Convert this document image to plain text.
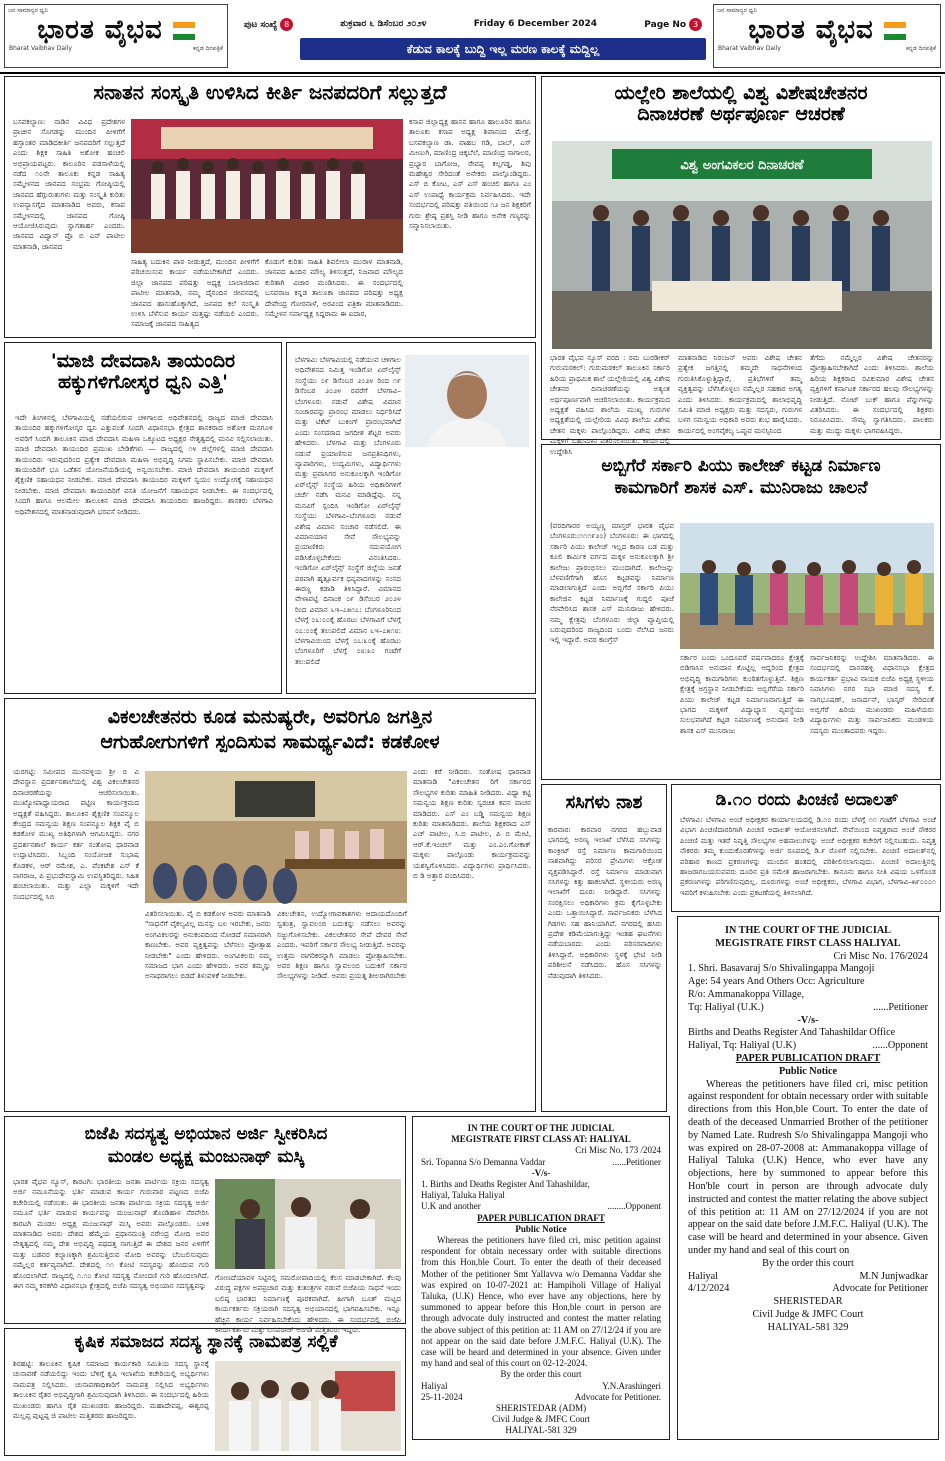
ಜನ ಸಾಮಾನ್ಯರ ಧ್ವನಿ
ಭಾರತ ವೈಭವ
Bharat Vaibhav Daily	ಕನ್ನಡ ದಿನಪತ್ರಿಕೆ
ಜನ ಸಾಮಾನ್ಯರ ಧ್ವನಿ
ಭಾರತ ವೈಭವ
Bharat Vaibhav Daily	ಕನ್ನಡ ದಿನಪತ್ರಿಕೆ
ಪುಟ ಸಂಖ್ಯೆ 8	ಶುಕ್ರವಾರ ೬ ಡಿಸೆಂಬರ ೨೦೨೪	Friday 6 December 2024	Page No 3
ಕೆಡುವ ಕಾಲಕ್ಕೆ ಬುದ್ದಿ ಇಲ್ಲ ಮರಣ ಕಾಲಕ್ಕೆ ಮದ್ದಿಲ್ಲ
ಸನಾತನ ಸಂಸ್ಕೃತಿ ಉಳಿಸಿದ ಕೀರ್ತಿ ಜನಪದರಿಗೆ ಸಲ್ಲುತ್ತದೆ
ಬಸವಕಲ್ಯಾಣ: ನಾಡಿನ ವಿವಿಧ ಪ್ರದೇಶಗಳ ಪ್ರಾಚೀನ ಸೊಗಡನ್ನು ಮುಂದಿನ ಪೀಳಿಗೆಗೆ ಹಸ್ತಾಂತರ ಮಾಡಿದಕೀರ್ತಿ ಜನಪದರಿಗೆ ಸಲ್ಲುತ್ತದೆ ಎಂದು ಶಿಕ್ಷಕ ಸಾಹಿತಿ ಅಶೋಕ ಹಂಚಲಿ ಅಭಿಪ್ರಾಯಪಟ್ಟರು. ಕಾಲೂರಿನ ಪಡಸಾಳೆಯಲ್ಲಿ ನಡೆದ ೧೦ನೇ ತಾಲೂಕು ಕನ್ನಡ ಸಾಹಿತ್ಯ ಸಮ್ಮೇಳನದ ಜಾನಪದ ಸಂಭ್ರಮ ಗೋಷ್ಠಿಯಲ್ಲಿ ಜಾನಪದ ಹೆಗ್ಗುರುತುಗಳು ಮತ್ತು ಸಂಸ್ಕೃತಿ ಕುರಿತು ಉಪನ್ಯಾಸಗೈದ ಮಾತನಾಡಿದ ಅವರು, ಕಸಾಪ ಸಮ್ಮೇಳನದಲ್ಲಿ ಜಾನಪದ ಗೋಷ್ಠಿ ಆಯೋಜಿಸಿರುವುದು ಸ್ವಾಗತಾರ್ಹ ಎಂದರು. ಜಾನಪದ ವಿದ್ವಾನ್ ಪ್ರೊ ಬಿ ಎನ್ ಪಾಟೀಲ ಮಾತನಾಡಿ, ಜಾನಪದ
ಸಾಹಿತ್ಯ ಬದುಕಿನ ಪಾಠ ನೀಡುತ್ತದೆ, ಮುಂದಿನ ಪೀಳಿಗೆಗೆ ಪರಿಚಯಿಸುವ ಕಾರ್ಯ ನಡೆಯಬೇಕಾಗಿದೆ ಎಂದರು. ಜಿಲ್ಲಾ ಜಾನಪದ ಪರಿಷತ್ತು ಅಧ್ಯಕ್ಷ ಬಾಲಾಜಿರಾವ ಪಾಟೀಲ ಮಾತನಾಡಿ, ನಮ್ಮ ದೈನಂದಿನ ಜೀವನದಲ್ಲಿ ಜಾನಪದ ಹಾಸುಹೊಕ್ಕಾಗಿದೆ, ಜನಪದ ಕಲೆ ಸಂಸ್ಕೃತಿ ಉಳಿಸಿ ಬೆಳೆಸುವ ಕಾರ್ಯ ಮತ್ತಷ್ಟು ನಡೆಯಲಿ ಎಂದರು. ಸಮಾಜಕ್ಕೆ ಜಾನಪದ ಸಾಹಿತ್ಯದ
ಕೊಡುಗೆ ಕುರಿತು ಸಾಹಿತಿ ಶಿವಲೀಲಾ ಮುರಾಳ ಮಾತನಾಡಿ, ಜಾನಪದ ಹಿಂದಿನ ಮೌಲ್ಯ ತಿಳಿಸುತ್ತದೆ, ನಿಜವಾದ ಮೌಲ್ಯದ ಕುರಿತಾಗಿ ವಿಚಾರ ಮಂಡಿಸಿದರು. ಈ ಸಂದರ್ಭದಲ್ಲಿ ಬಸವರಾಜ ಕನ್ನಡ ತಾಲೂಕಾ ಜಾನಪದ ಪರಿಷತ್ತು ಅಧ್ಯಕ್ಷ ದೇವೇಂದ್ರ ಗೋರನಾಳೆ, ಅರವಿಂದ ಪತ್ರಿಕಾ ಮಾತನಾಡಿದರು. ಸಮ್ಮೇಳನ ಸರ್ವಾಧ್ಯಕ್ಷ ಸಿದ್ದರಾಮ ಈ ಐದಾರ,
ಕಸಾಪ ಜಿಲ್ಲಾಧ್ಯಕ್ಷ ಹಾಸನ ಹಾಗೂ ಹಾಲೂರಿನ ಹಾಗೂ ತಾಲೂಕು ಕಸಾಪ ಅಧ್ಯಕ್ಷ ಶಿವಾನಂದ ಮೇತ್ರೆ, ಬಸವಕಲ್ಯಾಣ ಡಾ. ವಾಹಬ ಗಡಿ, ಬಾಬ್, ಎಸ್ ಮೀಣುಗಿ, ಮಾಣಿಂದ್ರ ಚಿಕ್ಕಬೆಲೆ, ಮಾಣಿಂದ್ರ ಸಾಗಾಲರ, ಪ್ರಭ್ಯಾರ ಬಾಗೋಜ, ರೇವಪ್ಪ ಕಲ್ಲಗಡ್ಡ, ಶಿವು ಮಹೇಶ್ವರ ಸೇರಿದಂತೆ ಅನೇಕರು ಪಾಲ್ಗೊಂಡಿದ್ದರು. ಎಸ್ ಬಿ ಕೋಟ, ಎಸ್ ಎಸ್ ಹಂಚಲಿ ಹಾಗೂ ಎಂ ಎಸ್ ಉಪಾಧ್ಯೆ ಕಾರ್ಯಕ್ರಮ ನಿರ್ವಹಿಸಿದರು. ಇದೇ ಸಂದರ್ಭದಲ್ಲಿ ಪರಿಷತ್ತು ವತಿಯಿಂದ ೧೨ ಜನ ಶಿಕ್ಷಕರಿಗೆ ಗುರು ಶ್ರೇಷ್ಠ ಪ್ರಶಸ್ತಿ ನೀಡಿ ಹಾಗೂ ಅನೇಕ ಗಣ್ಯರನ್ನು ಸನ್ಮಾನಿಸಲಾಯಿತು.
ಯಲ್ಲೇರಿ ಶಾಲೆಯಲ್ಲಿ ವಿಶ್ವ ವಿಶೇಷಚೇತನರ
ದಿನಾಚರಣೆ ಅರ್ಥಪೂರ್ಣ ಆಚರಣೆ
ವಿಶ್ವ ಅಂಗವಿಕಲರ ದಿನಾಚರಣೆ
ಭಾರತ ವೈಭವ ನ್ಯೂಸ್ ವರದಿ : ರಮ ಬುರಡೀಕರ್ ಗುರುಮಠಕಲ್: ಗುರುಮಠಕಲ್ ತಾಲೂಕಿನ ಸರ್ಕಾರಿ ಹಿರಿಯ ಪ್ರಾಥಮಿಕ ಶಾಲೆ ಯಲ್ಲೇರಿಯಲ್ಲಿ ವಿಶ್ವ ವಿಶೇಷ ಚೇತನರ ದಿನಾಚರಣೆಯನ್ನು ಅತ್ಯಂತ ಅರ್ಥಪೂರ್ಣವಾಗಿ ಆಚರಿಸಲಾಯಿತು. ಕಾರ್ಯಕ್ರಮದ ಅಧ್ಯಕ್ಷತೆ ವಹಿಸಿದ ಶಾಲೆಯ ಮುಖ್ಯ ಗುರುಗಳ ಅಧ್ಯಕ್ಷತೆಯಲ್ಲಿ ಯಲ್ಲೇರಿಯ ವಿವಿಧ ಶಾಲೆಯ ವಿಶೇಷ ಚೇತನ ಮಕ್ಕಳು ಪಾಲ್ಗೊಂಡಿದ್ದರು. ವಿಶೇಷ ಚೇತನ ಮಕ್ಕಳಿಗೆ ಬಹುಮಾನ ವಿತರಿಸಲಾಯಿತು. ಕಾರ್ಯದಲ್ಲಿ ಉದ್ದೇಶಿಸಿ
ಮಾತನಾಡಿದ ನಿರಂಜನ್ ಅವರು ವಿಶೇಷ ಚೇತನ ಪ್ರತ್ಯೇಕ ಜಗತ್ತಿನಲ್ಲಿ ತಮ್ಮದೇ ಸಾಧನೆಗಳಿಂದ ಗುರುತಿಸಿಕೊಳ್ಳುತ್ತಿದ್ದಾರೆ, ಪ್ರತಿಭೆಗಳಿಗೆ ತಮ್ಮ ವ್ಯಕ್ತಿತ್ವವನ್ನು ಬೆಳೆಸಿಕೊಳ್ಳಲು ನಮ್ಮೆಲ್ಲರ ಸಹಕಾರ ಅಗತ್ಯ ಎಂದು ತಿಳಿಸಿದರು. ಕಾರ್ಯಕ್ರಮದಲ್ಲಿ ಶಾಲಾಭಿವೃದ್ಧಿ ಸಮಿತಿ ಮಾಜಿ ಅಧ್ಯಕ್ಷರು ಮತ್ತು ಸದಸ್ಯರು, ಗುರುಗಳ ಬಳಗ ಸಮನ್ವಯ ಅಧಿಕಾರಿ ಅವರು ಶುಭ ಹಾರೈಸಿದರು. ಕಾರ್ಯದಲ್ಲಿ ಅಂಗವೈಕಲ್ಯ ಒಪ್ಪುವ ಮನಸ್ಸಿನಿಂದ
ತೆಗೆದು ನಮ್ಮೆಲ್ಲರ ವಿಶೇಷ ಚೇತನರನ್ನು ಪ್ರೋತ್ಸಾಹಿಸಬೇಕಾಗಿದೆ ಎಂದು ತಿಳಿಸಿದರು. ಶಾಲೆಯ ಹಿರಿಯ ಶಿಕ್ಷಕರಾದ ರವಿಕುಮಾರ ವಿಶೇಷ ಚೇತನ ವ್ಯಕ್ತಿಗಳಿಗೆ ಕರ್ನಾಟಕ ಸರ್ಕಾರದ ಹಲವು ಸೌಲಭ್ಯಗಳನ್ನು ನೀಡುತ್ತಿದೆ. ನೋಟ್ ಬುಕ್ ಹಾಗೂ ಪೆನ್ನುಗಳನ್ನು ವಿತರಿಸಿದರು. ಈ ಸಂದರ್ಭದಲ್ಲಿ ಶಿಕ್ಷಕರು ನಿರೂಪಿಸಿದರು. ಸೌಮ್ಯ ಸ್ವಾಗತಿಸಿದರು. ಪಾಲಕರು ಮತ್ತು ಮುದ್ದು ಮಕ್ಕಳು ಭಾಗವಹಿಸಿದ್ದರು.
'ಮಾಜಿ ದೇವದಾಸಿ ತಾಯಂದಿರ
ಹಕ್ಕುಗಳಿಗೋಸ್ಕರ ಧ್ವನಿ ಎತ್ತಿ'
ಇದೇ ತಿಂಗಳಿನಲ್ಲಿ ಬೆಳಗಾವಿಯಲ್ಲಿ ನಡೆಯಲಿರುವ ಚಳಿಗಾಲದ ಅಧಿವೇಶನದಲ್ಲಿ ರಾಜ್ಯದ ಮಾಜಿ ದೇವದಾಸಿ ತಾಯಂದಿರ ಹಕ್ಕುಗಳಿಗೋಸ್ಕರ ಧ್ವನಿ ಎತ್ತುವಂತೆ ಸಿಂದಗಿ ವಿಧಾನಸಭಾ ಕ್ಷೇತ್ರದ ಶಾಸಕರಾದ ಅಶೋಕ ಮನಗೂಳಿ ಅವರಿಗೆ ಸಿಂದಗಿ ತಾಲೂಕಿನ ಮಾಜಿ ದೇವದಾಸಿ ಮಹಿಳಾ ಒಕ್ಕೂಟದ ಅಧ್ಯಕ್ಷರ ನೇತೃತ್ವದಲ್ಲಿ ಮನವಿ ಸಲ್ಲಿಸಲಾಯಿತು. ಮಾಜಿ ದೇವದಾಸಿ ತಾಯಂದಿರ ಪ್ರಮುಖ ಬೇಡಿಕೆಗಳು — ರಾಜ್ಯದಲ್ಲಿ ೧೪ ಜಿಲ್ಲೆಗಳಲ್ಲಿ ಮಾಜಿ ದೇವದಾಸಿ ತಾಯಂದಿರು ಇರುವುದರಿಂದ ಪ್ರತ್ಯೇಕ ದೇವದಾಸಿ ಮಹಿಳಾ ಅಭಿವೃದ್ಧಿ ನಿಗಮ ಸ್ಥಾಪಿಸಬೇಕು. ಮಾಜಿ ದೇವದಾಸಿ ತಾಯಂದಿರಿಗೆ ಭೂ ಒಡೆತನ ಯೋಜನೆಯಡಿಯಲ್ಲಿ ಅನ್ವಯಿಸಬೇಕು. ಮಾಜಿ ದೇವದಾಸಿ ತಾಯಂದಿರ ಮಕ್ಕಳಿಗೆ ಶೈಕ್ಷಣಿಕ ಸಹಾಯಧನ ನೀಡಬೇಕು. ಮಾಜಿ ದೇವದಾಸಿ ತಾಯಂದಿರ ಮಕ್ಕಳಿಗೆ ಸ್ವಯಂ ಉದ್ಯೋಗಕ್ಕೆ ಸಹಾಯಧನ ನೀಡಬೇಕು. ಮಾಜಿ ದೇವದಾಸಿ ತಾಯಂದಿರಿಗೆ ವಸತಿ ಯೋಜನೆಗೆ ಸಹಾಯಧನ ನೀಡಬೇಕು. ಈ ಸಂದರ್ಭದಲ್ಲಿ ಸಿಂದಗಿ ಹಾಗೂ ಆಲಮೇಲ ತಾಲೂಕಿನ ಮಾಜಿ ದೇವದಾಸಿ ತಾಯಂದಿರು ಹಾಜರಿದ್ದರು. ಶಾಸಕರು ಬೆಳಗಾವಿ ಅಧಿವೇಶನದಲ್ಲಿ ಮಾತನಾಡುವುದಾಗಿ ಭರವಸೆ ನೀಡಿದರು.
ಬೆಳಗಾವಿ: ಬೆಳಗಾವಿಯಲ್ಲಿ ನಡೆಯುವ ಚಳಿಗಾಲ ಅಧಿವೇಶನದ ನಿಮಿತ್ತ ಇಂಡಿಗೋ ಏರ್‌ಲೈನ್ಸ್ ಸಂಸ್ಥೆಯು ೦೯ ಡಿಸೆಂಬರ ೨೦೨೪ ರಿಂದ ೧೯ ಡಿಸೆಂಬರ ೨೦೨೪ ರವರೆಗೆ ಬೆಳಗಾವಿ–ಬೆಂಗಳೂರು ನಡುವೆ ವಿಶೇಷ ವಿಮಾನ ಸಂಚಾರವನ್ನು ಪ್ರಾರಂಭ ಮಾಡಲು ನಿರ್ಧರಿಸಿದೆ ಮತ್ತು ಟಿಕೆಟ್ ಬುಕಿಂಗ್ ಪ್ರಾರಂಭವಾಗಿದೆ ಎಂದು ಸಂಸದರಾದ ಜಗದೀಶ ಶೆಟ್ಟರ ಅವರು ಹೇಳಿದರು. ಬೆಳಗಾವಿ ಮತ್ತು ಬೆಂಗಳೂರು ನಡುವೆ ಪ್ರಯಾಣಿಸುವ ಜನಪ್ರತಿನಿಧಿಗಳು, ವ್ಯಾಪಾರಿಗಳು, ಉದ್ಯಮಿಗಳು, ವಿದ್ಯಾರ್ಥಿಗಳು ಮತ್ತು ಪ್ರವಾಸಿಗರ ಅನುಕೂಲಕ್ಕಾಗಿ ಇಂಡಿಗೋ ಏರ್‌ಲೈನ್ಸ್ ಸಂಸ್ಥೆಯ ಹಿರಿಯ ಅಧಿಕಾರಿಗಳಿಗೆ ಚರ್ಚೆ ನಡೆಸಿ ಮನವಿ ಮಾಡಿದ್ದೆವು. ನನ್ನ ಮನವಿಗೆ ಸ್ಪಂದಿಸಿ ಇಂಡಿಗೋ ಏರ್‌ಲೈನ್ಸ್ ಸಂಸ್ಥೆಯು ಬೆಳಗಾವಿ–ಬೆಂಗಳೂರು ನಡುವೆ ವಿಶೇಷ ವಿಮಾನ ಸಂಚಾರ ನಡೆಸಲಿದೆ. ಈ ವಿಮಾನಯಾನ ಸೇವೆ ಸೌಲಭ್ಯವನ್ನು ಪ್ರಯಾಣಿಕರು ಸದುಪಯೋಗ ಪಡಿಸಿಕೊಳ್ಳಬೇಕೆಂದು ವಿನಂತಿಸಿದರು. ಇಂಡಿಗೋ ಏರ್‌ಲೈನ್ಸ್ ಸಂಸ್ಥೆಗೆ ಜಿಲ್ಲೆಯ ಜನತೆ ಪರವಾಗಿ ಹೃತ್ಪೂರ್ವಕ ಧನ್ಯವಾದಗಳನ್ನು ಸಂಸದ ಈರಣ್ಣ ಕಡಾಡಿ ತಿಳಿಸಿದ್ದಾರೆ. ವಿಮಾನದ ವೇಳಾಪಟ್ಟಿ ದಿನಾಂಕ ೦೯ ಡಿಸೆಂಬರ ೨೦೨೪ ರಿಂದ ವಿಮಾನ ೬ಇ–೭೫೧೭: ಬೆಂಗಳೂರಿನಿಂದ ಬೆಳಗ್ಗೆ ೦೬:೦೦ಕ್ಕೆ ಹೊರಟು ಬೆಳಗಾವಿಗೆ ಬೆಳಗ್ಗೆ ೦೭:೦೦ಕ್ಕೆ ತಲುಪಲಿದೆ ವಿಮಾನ ೬ಇ–೭೫೧೮: ಬೆಳಗಾವಿಯಿಂದ ಬೆಳಗ್ಗೆ ೦೭:೩೦ಕ್ಕೆ ಹೊರಟು ಬೆಂಗಳೂರಿಗೆ ಬೆಳಗ್ಗೆ ೦೮:೩೦ ಗಂಟೆಗೆ ತಲುಪಲಿದೆ
ಅಬ್ಬಿಗೆರೆ ಸರ್ಕಾರಿ ಪಿಯು ಕಾಲೇಜ್ ಕಟ್ಟಡ ನಿರ್ಮಾಣ
ಕಾಮಗಾರಿಗೆ ಶಾಸಕ ಎಸ್. ಮುನಿರಾಜು ಚಾಲನೆ
(ವರದಿಗಾರರ ಅಯ್ಯಣ್ಣ ಮಾಸ್ತರ್ ಭಾರತ ವೈಭವ ಬೆಂಗಳೂರು:೧೧೧೯೨೦) ಬೆಂಗಳೂರು: ಈ ಭಾಗದಲ್ಲಿ ಸರ್ಕಾರಿ ಪಿಯು ಕಾಲೇಜ್ ಇಲ್ಲದ ಕಾರಣ ಬಡ ಮತ್ತು ಕೂಲಿ ಕಾರ್ಮಿಕ ವರ್ಗದ ಮಕ್ಕಳ ಅನುಕೂಲಕ್ಕಾಗಿ ಶ್ರೀ ಕಾಲೇಜು ಪ್ರಾರಂಭಿಸಲು ಮುಂದಾಗಿದೆ. ಕಾಲೇಜನ್ನು ಬೆಳವಣಿಗೆಗಾಗಿ ಹೊಸ ಕಟ್ಟಡವನ್ನು ನಿರ್ಮಾಣ ಮಾಡಲಾಗುತ್ತಿದೆ ಎಂದು ಅಬ್ಬಿಗೆರೆ ಸರ್ಕಾರಿ ಪಿಯು ಕಾಲೇಜಿನ ಕಟ್ಟಡ ನಿರ್ಮಾಣಕ್ಕೆ ಗುದ್ದಲಿ ಪೂಜೆ ನೆರವೇರಿಸಿದ ಶಾಸಕ ಎಸ್ ಮುನಿರಾಜು ಹೇಳಿದರು. ನಮ್ಮ ಕ್ಷೇತ್ರವು ಬೆಂಗಳೂರು ಜಿಲ್ಲಾ ವ್ಯಾಪ್ತಿಯಲ್ಲಿ ಬರುವುದರಿಂದ ರಾಜ್ಯದಿಂದ ಬಂದು ನೆಲೆಸಿದ ಜನರು ಇಲ್ಲಿ ಇದ್ದಾರೆ. ಅವರ ಕಾಂಗ್ರೆಸ್
ಸರ್ಕಾರ ಬಂದು ಒಂದೂವರೆ ವರ್ಷವಾದರೂ ಕ್ಷೇತ್ರಕ್ಕೆ ಬಿಡಿಗಾಸಿನ ಅನುದಾನ ಕೊಟ್ಟಿಲ್ಲ ಆದ್ದರಿಂದ ಕ್ಷೇತ್ರದ ಅಭಿವೃದ್ಧಿ ಕಾಮಗಾರಿಗಳು ಕುಂಠಿತಗೊಳ್ಳುತ್ತಿವೆ. ಶಿಕ್ಷಣ ಕ್ಷೇತ್ರಕ್ಕೆ ಅಗ್ರಸ್ಥಾನ ನೀಡಬೇಕೆಂದು ಅಬ್ಬಿಗೆರೆಯ ಸರ್ಕಾರಿ ಪಿಯು ಕಾಲೇಜ್ ಕಟ್ಟಡ ನಿರ್ಮಾಣವಾಗುತ್ತಿದೆ ಈ ಭಾಗದ ಮಕ್ಕಳಿಗೆ ವಿದ್ಯಾಭ್ಯಾಸ ವ್ಯವಸ್ಥೆಯು ಸುಲಭವಾಗಿದೆ ಕಟ್ಟಡ ನಿರ್ಮಾಣಕ್ಕೆ ಅನುದಾನ ನೀಡಿ ಶಾಸಕ ಎಸ್ ಮುನಿರಾಜು
ಸಾರ್ವಜನಿಕರನ್ನು ಉದ್ದೇಶಿಸಿ ಮಾತನಾಡಿದರು. ಈ ಸಂದರ್ಭದಲ್ಲಿ ದಾಸರಹಳ್ಳಿ ವಿಧಾನಸಭಾ ಕ್ಷೇತ್ರದ ಕಾರ್ಯಕರ್ತ ಪ್ರಭಾವಿ ನಾಯಕ ಬಿಜೆಪಿ ಅಧ್ಯಕ್ಷ ಸ್ಥಳೀಯ ನಿವಾಸಿಗಳು ನಗರ ಸಭಾ ಮಾಜಿ ಸದಸ್ಯ ಕೆ. ನಾಗಭೂಷಣ್, ಜನಾರ್ದನ್, ಭಾಸ್ಕರ್ ಸೇರಿದಂತೆ ಅಬ್ಬಿಗೆರೆ ಹಿರಿಯ ಮುಖಂಡರು ಮಹಿಳೆಯರು ವಿದ್ಯಾರ್ಥಿಗಳು ಮತ್ತು ಸಾರ್ವಜನಿಕರು ಮಂಡಳಿಯ ಸದಸ್ಯರು ಮುಂತಾದವರು ಇದ್ದರು.
ವಿಕಲಚೇತನರು ಕೂಡ ಮನುಷ್ಯರೇ, ಅವರಿಗೂ ಜಗತ್ತಿನ
ಆಗುಹೋಗುಗಳಿಗೆ ಸ್ಪಂದಿಸುವ ಸಾಮರ್ಥ್ಯವಿದೆ: ಕಡಕೋಳ
ಯರಗಟ್ಟಿ: ಸಮೀಪದ ಮುನವಳ್ಳಿಯ ಶ್ರೀ ಬಿ ವಿ ದೇವಸ್ಥಾನ ಪ್ರದರ್ಶನಶಾಲೆಯಲ್ಲಿ ವಿಶ್ವ ವಿಕಲಚೇತನರ ದಿನಾಚರಣೆಯನ್ನು ಆಚರಿಸಲಾಯಿತು. ಮುಖ್ಯೋಪಾಧ್ಯಾಯರಾದ ಪಟ್ಟಿಣ ಕಾರ್ಯಕ್ರಮದ ಅಧ್ಯಕ್ಷತೆ ವಹಿಸಿದ್ದರು. ತಾಲೂಕಿನ ಶೈಕ್ಷಣಿಕ ಸಂಪನ್ಮೂಲ ಕೇಂದ್ರದ ಸಮನ್ವಯ ಶಿಕ್ಷಣ ಸಂಪನ್ಮೂಲ ಶಿಕ್ಷಕ ವೈ ಬಿ ಕಡಕೋಳ ಮುಖ್ಯ ಅತಿಥಿಗಳಾಗಿ ಆಗಮಿಸಿದ್ದರು. ನಗರ ಪ್ರದರ್ಶನಶಾಲೆ ಕಾರ್ಯ ಕರ್ತ ಸಂತೋಷ ಧಾರವಾಡ ಉದ್ಘಾಟಿಸಿದರು. ಸಿಬ್ಬಂದಿ ಸಂಯೋಜಕ ಸುಭಾಷ ಕೊಡಕಳ, ಆರ್ ರಮೇಶ, ಎ. ವೆಂಕಟೇಶ ಎಸ್ ಕೆ ನಾಗರಾಜ, ಪಿ ಪ್ರಭುದೇವಸ್ವಾಮಿ ಉಪಸ್ಥಿತರಿದ್ದರು. ಸಿಹಿತ ಹಂಚಲಾಯಿತು. ಮತ್ತು ಎಲ್ಲಾ ಮಕ್ಕಳಿಗೆ ಇದೇ ಸಂದರ್ಭದಲ್ಲಿ ಸಿಬಿ
ವಿತರಿಸಲಾಯಿತು. ವೈ ಬಿ ಕಡಕೋಳ ಅವರು ಮಾತನಾಡಿ "ಸಾಧನೆಗೆ ವೈಕಲ್ಯವಿಲ್ಲ ಮನಸ್ಸು ಬಲ ಇರಬೇಕು, ಜನರು ಅಂಗವಿಕಲರನ್ನು ಅನುಕಂಪದಿಂದ ನೋಡದೆ ಸಮಾನರಾಗಿ ಕಾಣಬೇಕು. ಅವರ ವ್ಯಕ್ತಿತ್ವವನ್ನು ಬೆಳೆಸಲು ಪ್ರೋತ್ಸಾಹ ನೀಡಬೇಕು" ಎಂದು ಹೇಳಿದರು. ಅಂಗವಿಕಲರು ನಮ್ಮ ಸಮಾಜದ ಭಾಗ ಎಂದು ಹೇಳಿದರು. ಅವರ ತಮ್ಮನ್ನು ಅನಾಥರಾಗಲು ಬಿಡದೆ ತಿಳುವಳಿಕೆ ನೀಡಬೇಕು.
ವಿಕಲಚೇತನ, ಉದ್ಯೋಗಾವಕಾಶಗಳು ಆದಾಯದೊಂದಿಗೆ ಸ್ವತಂತ್ರ, ಸ್ವಾವಲಂಬಿ ಬದುಕನ್ನು ನಡೆಸಲು ಅವರನ್ನು ಸಜ್ಜುಗೊಳಿಸಬೇಕು. ವಿಕಲಚೇತನರ ಸೇವೆ ದೇವರ ಸೇವೆ ಎಂದರು. ಇವರಿಗೆ ಸರ್ಕಾರ ಸೌಲಭ್ಯ ನೀಡುತ್ತಿದೆ. ಅವರನ್ನು ಉತ್ತಮ ನಾಗರಿಕರನ್ನಾಗಿ ಮಾಡಲು ಪ್ರೋತ್ಸಾಹಿಸಬೇಕು. ಅವರ ಶಿಕ್ಷಣ ಹಾಗೂ ಸ್ವಾವಲಂಬಿ ಬದುಕಿಗೆ ಸರ್ಕಾರ ಸೌಲಭ್ಯಗಳನ್ನು ನೀಡಿದೆ. ಅವರು ಪ್ರಯತ್ನ ಶೀಲರಾಗಿರಬೇಕು
ಎಂದು ಕರೆ ನೀಡಿದರು. ಸಂತೋಷ ಧಾರವಾಡ ಮಾತನಾಡಿ "ವಿಕಲಚೇತನ ರಿಗೆ ಸರ್ಕಾರದ ಸೌಲಭ್ಯಗಳ ಕುರಿತು ಮಾಹಿತಿ ನೀಡಿದರು. ವಿಧ್ಯಾ ಕಟ್ಟಿ ಸಮನ್ವಯ ಶಿಕ್ಷಣ ಕುರಿತು ಸ್ವರಚಿತ ಕವನ ವಾಚನ ಮಾಡಿದರು. ಎಸ್ ಎಂ ಬಡ್ಡಿ ಸಮನ್ವಯ ಶಿಕ್ಷಣ ಕುರಿತು ಮಾತನಾಡಿದರು. ಶಾಲೆಯ ಶಿಕ್ಷಕರಾದ ಎಸ್ ಎಚ್ ಪಾಟೀಲ, ಸಿ.ಬಿ ಪಾಟೀಲ, ಪಿ ಬಿ ಮೇಟಿ, ಆರ್.ಕೆ.ಇಂಚಲ್ ಮತ್ತು ಎಂ.ಎಂ.ಗೋಕಾಕ್ ಮಕ್ಕಳು ಪಾಲ್ಗೊಂಡು ಕಾರ್ಯಕ್ರಮವನ್ನು ಯಶಸ್ವಿಗೊಳಿಸಿದರು. ವಿದ್ಯಾರ್ಥಿಗಳು ಪ್ರಾರ್ಥಿಸಿದರು. ಬಿ ಡಿ ಅತ್ತಾರ ವಂದಿಸಿದರು.
ಸಸಿಗಳು ನಾಶ
ಕಾರವಾರ: ಕಾರವಾರ ನಗರದ ಹಬ್ಬುವಾಡ ಭಾಗದಲ್ಲಿ ಅರಣ್ಯ ಇಲಾಖೆ ಬೆಳೆಸಿದ ಸಸಿಗಳನ್ನು ಕಾಂಕ್ರೀಟ್ ರಸ್ತೆ ನಿರ್ಮಾಣ ಕಾಮಗಾರಿಯಿಂದ ನಾಶವಾಗಿದ್ದು ಪರಿಸರ ಪ್ರೇಮಿಗಳು ಆಕ್ರೋಶ ವ್ಯಕ್ತಪಡಿಸಿದ್ದಾರೆ. ರಸ್ತೆ ನಿರ್ಮಾಣ ಮಾಡುವಾಗ ಸಸಿಗಳನ್ನು ಕಿತ್ತು ಹಾಕಲಾಗಿದೆ. ಸ್ಥಳೀಯರು ಅರಣ್ಯ ಇಲಾಖೆಗೆ ದೂರು ನೀಡಿದ್ದಾರೆ. ಸಸಿಗಳನ್ನು ಸಂರಕ್ಷಿಸಲು ಅಧಿಕಾರಿಗಳು ಕ್ರಮ ಕೈಗೊಳ್ಳಬೇಕು ಎಂದು ಒತ್ತಾಯಿಸಿದ್ದಾರೆ. ಸಾರ್ವಜನಿಕರು ಬೆಳೆಸಿದ ಗಿಡಗಳು ಸಹ ಹಾನಿಯಾಗಿವೆ. ನಗರದಲ್ಲಿ ಹಸಿರು ಪ್ರದೇಶ ಕಡಿಮೆಯಾಗುತ್ತಿದ್ದು ಇಂತಹ ಘಟನೆಗಳು ನಡೆಯಬಾರದು ಎಂದು ಪರಿಸರವಾದಿಗಳು ತಿಳಿಸಿದ್ದಾರೆ. ಅಧಿಕಾರಿಗಳು ಸ್ಥಳಕ್ಕೆ ಭೇಟಿ ನೀಡಿ ಪರಿಶೀಲನೆ ನಡೆಸಿದರು. ಹೊಸ ಸಸಿಗಳನ್ನು ನೆಡುವುದಾಗಿ ತಿಳಿಸಿದರು.
ಡಿ.೧೦ ರಂದು ಪಿಂಚಣಿ ಅದಾಲತ್
ಬೆಳಗಾವಿ: ಬೆಳಗಾವಿ ಅಂಚೆ ಅಧೀಕ್ಷಕರ ಕಾರ್ಯಾಲಯದಲ್ಲಿ ಡಿ.೧೦ ರಂದು ಬೆಳಗ್ಗೆ ೧೧ ಗಂಟೆಗೆ ಬೆಳಗಾವಿ ಅಂಚೆ ವಿಭಾಗ ಪಿಂಚಣಿದಾರರಿಗಾಗಿ ಪಿಂಚಣಿ ಅದಾಲತ್ ಆಯೋಜಿಸಲಾಗಿದೆ. ಸೇವೆಯಿಂದ ನಿವೃತ್ತರಾದ ಅಂಚೆ ನೌಕರರ ಪಿಂಚಣಿ ಮತ್ತು ಇತರೆ ನಿವೃತ್ತಿ ಸೌಲಭ್ಯಗಳ ಅಹವಾಲುಗಳನ್ನು ಅಂಚೆ ಅಧೀಕ್ಷಕರ ಕಚೇರಿಗೆ ಸಲ್ಲಿಸಬಹುದು. ನಿವೃತ್ತ ನೌಕರರು ತಮ್ಮ ಕುಂದುಕೊರತೆಗಳನ್ನು ಅರ್ಜಿ ರೂಪದಲ್ಲಿ ಡಿ.೯ ರೊಳಗೆ ಸಲ್ಲಿಸಬೇಕು. ಪಿಂಚಣಿ ಅದಾಲತ್‌ನಲ್ಲಿ ಪರಿಹಾರ ಕಾಣದ ಪ್ರಕರಣಗಳನ್ನು ಮುಂದಿನ ಹಂತದಲ್ಲಿ ಪರಿಶೀಲಿಸಲಾಗುವುದು. ಪಿಂಚಣಿ ಅದಾಲತ್ತಿನಲ್ಲಿ ಹಾಜರಾಗಬಯಸುವವರು ದೂರಿನ ಪ್ರತಿ ಸಮೇತ ಹಾಜರಾಗಬೇಕು. ಕಾನೂನು ಹಾಗೂ ನೀತಿ ವಿಷಯ ಒಳಗೊಂಡ ಪ್ರಕರಣಗಳನ್ನು ಪರಿಗಣಿಸುವುದಿಲ್ಲ. ದೂರುಗಳನ್ನು ಅಂಚೆ ಅಧೀಕ್ಷಕರು, ಬೆಳಗಾವಿ ವಿಭಾಗ, ಬೆಳಗಾವಿ–೫೯೦೦೦೧ ಇವರಿಗೆ ಕಳುಹಿಸಬೇಕು ಎಂದು ಪ್ರಕಟಣೆಯಲ್ಲಿ ತಿಳಿಸಲಾಗಿದೆ.
IN THE COURT OF THE JUDICIAL
MEGISTRATE FIRST CLASS HALIYAL
Cri Misc No. 176/2024
1. Shri. Basavaraj S/o Shivalingappa Mangoji
Age: 54 years And Others Occ: Agriculture
R/o: Ammanakoppa Village,
Tq: Haliyal (U.K.)	......Petitioner
-V/s-
Births and Deaths Register And Tahashildar Office
Haliyal, Tq: Haliyal (U.K)	......Opponent
PAPER PUBLICATION DRAFT
Public Notice
Whereas the petitioners have filed cri, misc petition against respondent for obtain necessary order with suitable directions from this Hon,ble Court. To enter the date of death of the deceased Unmarried Brother of the petitioner by Named Late. Rudresh S/o Shivalingappa Mangoji who was expired on 28-07-2008 at: Ammanakoppa village of Haliyal Taluka (U.K) Hence, who ever have any objections, here by summoned to appear before this Hon'ble court in person are through advocate duly instructed and contest the matter relating the above subject of this petition at: 11 AM on 27/12/2024 if you are not appear on the said date before J.M.F.C. Haliyal (U.K). The case will be heard and determined in your absence. Given under my hand and seal of this court on
By the order this court
Haliyal	M.N Junjwadkar
4/12/2024	Advocate for Petitioner
SHERISTEDAR
Civil Judge & JMFC Court
HALIYAL-581 329
ಬಿಜೆಪಿ ಸದಸ್ಯತ್ವ ಅಭಿಯಾನ ಅರ್ಜಿ ಸ್ವೀಕರಿಸಿದ
ಮಂಡಲ ಅಧ್ಯಕ್ಷ ಮಂಜುನಾಥ್ ಮಸ್ಕಿ
ಭಾರತ ವೈಭವ ನ್ಯೂಸ್, ಕಾರಟಗಿ: ಭಾರತೀಯ ಜನತಾ ಪಾರ್ಟಿಯ ಸಕ್ರಿಯ ಸದಸ್ಯತ್ವ ಅರ್ಜಿ ನಮೂನೆಯನ್ನು ಭರ್ತಿ ಮಾಡುವ ಕಾರ್ಯ ಗುರುವಾರ ಪಟ್ಟಣದ ಬಿಜೆಪಿ ಕಚೇರಿಯಲ್ಲಿ ನಡೆಯಿತು. ಈ ಭಾರತೀಯ ಜನತಾ ಪಾರ್ಟಿಯ ಸಕ್ರಿಯ ಸದಸ್ಯತ್ವ ಅರ್ಜಿ ನಮೂನೆ ಭರ್ತಿ ಮಾಡುವ ಕಾರ್ಯವನ್ನು ಮಂಜುನಾಥ್ ತೊಂಡಿಹಾಳ ನೆರವೇರಿಸಿ ಕಾರಟಗಿ ಮಂಡಲ ಅಧ್ಯಕ್ಷ ಮಂಜುನಾಥ್ ಮಸ್ಕಿ ಅವರು ಪಾಲ್ಗೊಂಡರು. ಬಳಿಕ ಮಾತನಾಡಿದ ಅವರು ದೇಶದ ಹೆಮ್ಮೆಯ ಪ್ರಧಾನಮಂತ್ರಿ ನರೇಂದ್ರ ಮೋದಿ ಅವರ ನೇತೃತ್ವದಲ್ಲಿ ನಮ್ಮ ದೇಶ ಅಭಿವೃದ್ಧಿ ಪಥದತ್ತ ಸಾಗುತ್ತಿದೆ ಈ ದೇಶದ ಜನರ ಏಳಿಗೆಗೆ ಮತ್ತು ಬಡವರ ಕಲ್ಯಾಣಕ್ಕಾಗಿ ಶ್ರಮಿಸುತ್ತಿರುವ ಮೋದಿ ಅವರನ್ನು ಬೆಂಬಲಿಸುವುದು ನಮ್ಮೆಲ್ಲರ ಕರ್ತವ್ಯವಾಗಿದೆ. ದೇಶದಲ್ಲಿ ೧೧ ಕೋಟಿ ಸದಸ್ಯರನ್ನು ಹೊಂದುವ ಗುರಿ ಹೊಂದಲಾಗಿದೆ. ರಾಜ್ಯದಲ್ಲಿ ೧.೧೦ ಕೋಟಿ ಸದಸ್ಯತ್ವ ನೋಂದಣಿ ಗುರಿ ಹೊಂದಲಾಗಿದೆ. ಈಗ ನಮ್ಮ ಕನಕಗಿರಿ ವಿಧಾನಸಭಾ ಕ್ಷೇತ್ರದಲ್ಲಿ ಬಿಜೆಪಿ ಸದಸ್ಯತ್ವ ಅಭಿಯಾನ ಸದಸ್ಯತ್ವವನ್ನು
ಗೋಣದೆಯಾವಳ ನಿಟ್ಟಿನಲ್ಲಿ ಸಮರೋಪಾದಿಯಲ್ಲಿ ಕೆಲಸ ಮಾಡಬೇಕಾಗಿದೆ. ಕೆಲವು ವಿರುದ್ಧ ಪಕ್ಷಗಳ ಅಪಪ್ರಚಾರ ಮತ್ತು ಕುತಂತ್ರಗಳ ನಡುವೆ ಬಿಜೆಪಿಯ ಸಾಧನೆ ಇಂದು ಬಲಿಷ್ಠ ಭಾರತದ ನಿರ್ಮಾಣಕ್ಕೆ ಪೂರಕವಾಗಿದೆ. ಹೀಗಾಗಿ ಬೂತ್ ಮಟ್ಟದ ಕಾರ್ಯಕರ್ತರು ಸಕ್ರಿಯರಾಗಿ ಸದಸ್ಯತ್ವ ಅಭಿಯಾನದಲ್ಲಿ ಭಾಗವಹಿಸಬೇಕು. ಇನ್ನೂ ಹೆಚ್ಚಿನ ಕಾರ್ಯ ನಿರ್ವಹಿಸಬೇಕೆಂದು ಹೇಳಿದರು. ಈ ಸಂದರ್ಭದಲ್ಲಿ ಬಿಜೆಪಿ ಕಾರ್ಯಕರ್ತರು ಮತ್ತು ಬಸವರಾಜ್ ಅಂಗಡಿ ಮತ್ತಿತರರು ಇದ್ದರು.
ಕೃಷಿಕ ಸಮಾಜದ ಸದಸ್ಯ ಸ್ಥಾನಕ್ಕೆ ನಾಮಪತ್ರ ಸಲ್ಲಿಕೆ
ಶಿರಹಟ್ಟಿ: ತಾಲೂಕಿನ ಕೃಷಿಕ ಸಮಾಜದ ಕಾರ್ಯಕಾರಿ ಸಮಿತಿಯ ಸದಸ್ಯ ಸ್ಥಾನಕ್ಕೆ ಚುನಾವಣೆ ನಡೆಯಲಿದ್ದು ಇಂದು ಬೆಳಿಗ್ಗೆ ಕೃಷಿ ಇಲಾಖೆಯ ಕಚೇರಿಯಲ್ಲಿ ಅಭ್ಯರ್ಥಿಗಳು ನಾಮಪತ್ರ ಸಲ್ಲಿಸಿದರು. ಚುನಾವಣಾಧಿಕಾರಿಗೆ ನಾಮಪತ್ರ ಸಲ್ಲಿಸಿದ ಅಭ್ಯರ್ಥಿಗಳು ತಾಲೂಕಿನ ರೈತರ ಅಭಿವೃದ್ಧಿಗಾಗಿ ಶ್ರಮಿಸುವುದಾಗಿ ತಿಳಿಸಿದರು. ಈ ಸಂದರ್ಭದಲ್ಲಿ ಹಿರಿಯ ಮುಖಂಡರು ಹಾಗೂ ರೈತ ಮುಖಂಡರು ಹಾಜರಿದ್ದರು. ಮಹಾದೇವಪ್ಪ, ಈಶ್ವರಪ್ಪ ಮಲ್ಲಪ್ಪ ಪುಟ್ಟಪ್ಪ ಜಿ ಪಾಟೀಲ ಮತ್ತಿತರರು ಹಾಜರಿದ್ದರು.
IN THE COURT OF THE JUDICIAL
MEGISTRATE FIRST CLASS AT: HALIYAL
Cri Misc No. 173 /2024
Sri. Topanna S/o Demanna Vaddar	......Petitioner
-V/s-
1. Births and Deaths Register And Tahashildar,
Haliyal, Taluka Haliyal
U.K and another	........Opponent
PAPER PUBLICATION DRAFT
Public Notice
Whereas the petitioners have filed cri, misc petition against respondent for obtain necessary order with suitable directions from this Hon,ble Court. To enter the death of their deceased Mother of the petitioner Smt Yallavva w/o Demanna Vaddar she was expired on 10-07-2021 at: Hampiholi Village of Haliyal Taluka, (U.K) Hence, who ever have any objections, here by summoned to appear before this Hon,ble court in person are through advocate duly instructed and contest the matter relating the above subject of this petition at: 11 AM on 27/12/24 if you are not appear on the said date before J.M.F.C. Haliyal (U.K). The case will be heard and determined in your absence. Given under my hand and seal of this court on 02-12-2024.
By the order this court
Haliyal	Y.N.Arashingeri
25-11-2024	Advocate for Petitioner.
SHERISTEDAR (ADM)
Civil Judge & JMFC Court
HALIYAL-581 329
